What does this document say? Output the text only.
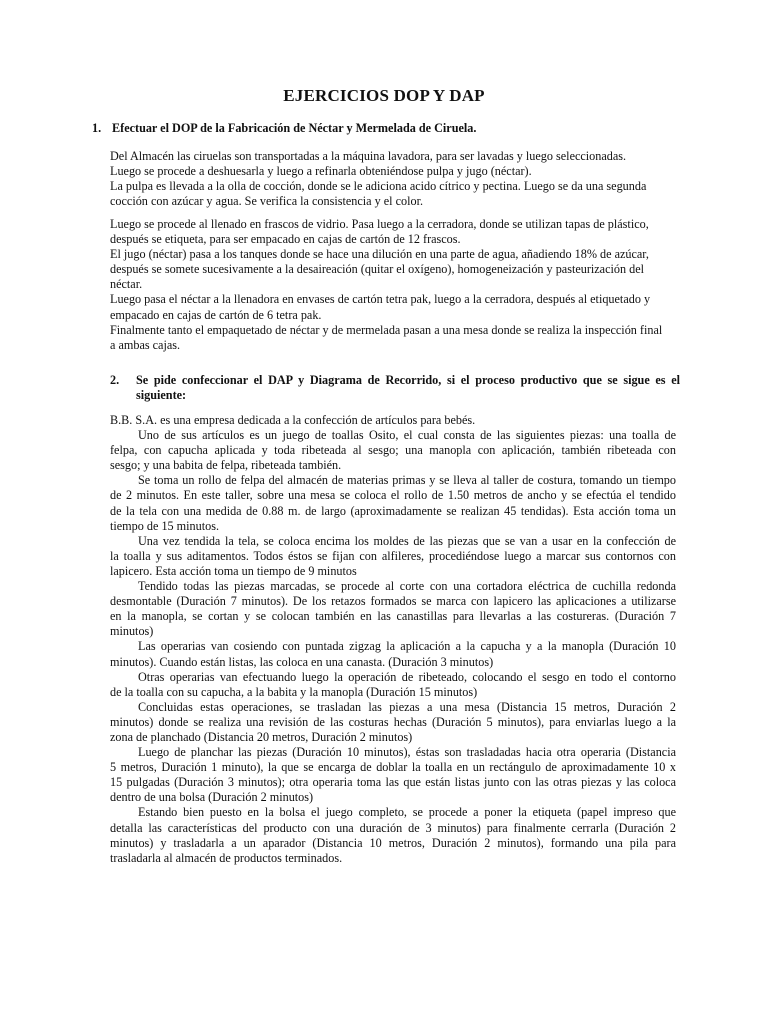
EJERCICIOS DOP Y DAP
1. Efectuar el DOP de la Fabricación de Néctar y Mermelada de Ciruela.
Del Almacén las ciruelas son transportadas a la máquina lavadora, para ser lavadas y luego seleccionadas.
Luego se procede a deshuesarla y luego a refinarla obteniéndose pulpa y jugo (néctar).
La pulpa es llevada a la olla de cocción, donde se le adiciona acido cítrico y pectina. Luego se da una segunda
cocción con azúcar y agua. Se verifica la consistencia y el color.
Luego se procede al llenado en frascos de vidrio. Pasa luego a la cerradora, donde se utilizan tapas de plástico,
después se etiqueta, para ser empacado en cajas de cartón de 12 frascos.
El jugo (néctar) pasa a los tanques donde se hace una dilución en una parte de agua, añadiendo 18% de azúcar,
después se somete sucesivamente a la desaireación (quitar el oxígeno), homogeneización y pasteurización del
néctar.
Luego pasa el néctar a la llenadora en envases de cartón tetra pak, luego a la cerradora, después al etiquetado y
empacado en cajas de cartón de 6 tetra pak.
Finalmente tanto el empaquetado de néctar y de mermelada pasan a una mesa donde se realiza la inspección final
a ambas cajas.
2. Se pide confeccionar el DAP y Diagrama de Recorrido, si el proceso productivo que se sigue es el
siguiente:
B.B. S.A. es una empresa dedicada a la confección de artículos para bebés.
Uno de sus artículos es un juego de toallas Osito, el cual consta de las siguientes piezas: una toalla de
felpa, con capucha aplicada y toda ribeteada al sesgo; una manopla con aplicación, también ribeteada con
sesgo; y una babita de felpa, ribeteada también.
Se toma un rollo de felpa del almacén de materias primas y se lleva al taller de costura, tomando un tiempo
de 2 minutos. En este taller, sobre una mesa se coloca el rollo de 1.50 metros de ancho y se efectúa el tendido
de la tela con una medida de 0.88 m. de largo (aproximadamente se realizan 45 tendidas). Esta acción toma un
tiempo de 15 minutos.
Una vez tendida la tela, se coloca encima los moldes de las piezas que se van a usar en la confección de
la toalla y sus aditamentos. Todos éstos se fijan con alfileres, procediéndose luego a marcar sus contornos con
lapicero. Esta acción toma un tiempo de 9 minutos
Tendido todas las piezas marcadas, se procede al corte con una cortadora eléctrica de cuchilla redonda
desmontable (Duración 7 minutos). De los retazos formados se marca con lapicero las aplicaciones a utilizarse
en la manopla, se cortan y se colocan también en las canastillas para llevarlas a las costureras. (Duración 7
minutos)
Las operarias van cosiendo con puntada zigzag la aplicación a la capucha y a la manopla (Duración 10
minutos). Cuando están listas, las coloca en una canasta. (Duración 3 minutos)
Otras operarias van efectuando luego la operación de ribeteado, colocando el sesgo en todo el contorno
de la toalla con su capucha, a la babita y la manopla (Duración 15 minutos)
Concluidas estas operaciones, se trasladan las piezas a una mesa (Distancia 15 metros, Duración 2
minutos) donde se realiza una revisión de las costuras hechas (Duración 5 minutos), para enviarlas luego a la
zona de planchado (Distancia 20 metros, Duración 2 minutos)
Luego de planchar las piezas (Duración 10 minutos), éstas son trasladadas hacia otra operaria (Distancia
5 metros, Duración 1 minuto), la que se encarga de doblar la toalla en un rectángulo de aproximadamente 10 x
15 pulgadas (Duración 3 minutos); otra operaria toma las que están listas junto con las otras piezas y las coloca
dentro de una bolsa (Duración 2 minutos)
Estando bien puesto en la bolsa el juego completo, se procede a poner la etiqueta (papel impreso que
detalla las características del producto con una duración de 3 minutos) para finalmente cerrarla (Duración 2
minutos) y trasladarla a un aparador (Distancia 10 metros, Duración 2 minutos), formando una pila para
trasladarla al almacén de productos terminados.
